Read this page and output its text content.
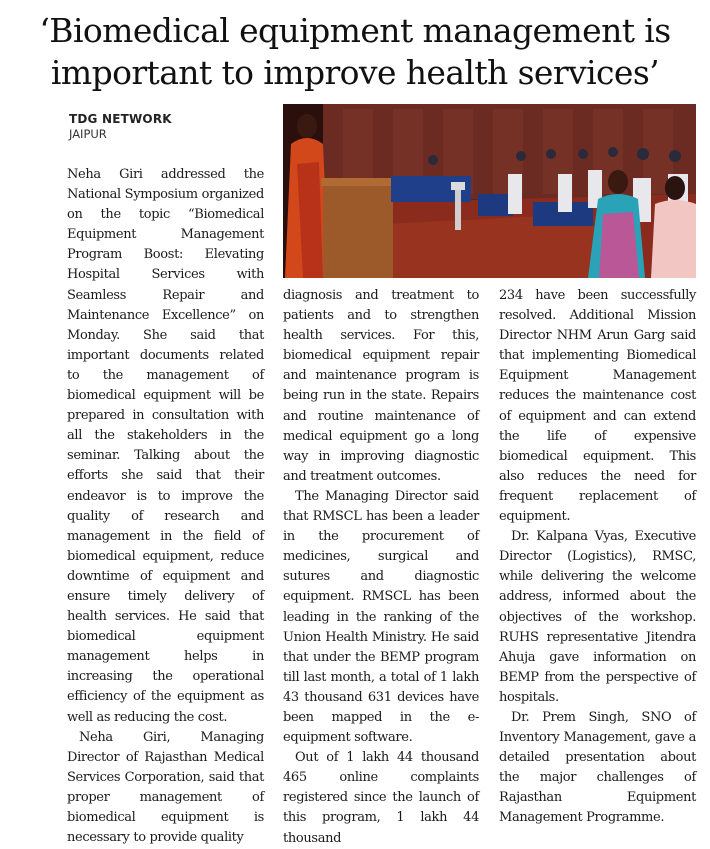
‘Biomedical equipment management is
important to improve health services’
TDG NETWORK
JAIPUR

Neha Giri addressed the National Symposium organized on the topic “Biomedical Equipment Management Program Boost: Elevating Hospital Services with Seamless Repair and Maintenance Excellence” on Monday. She said that important documents related to the management of biomedical equipment will be prepared in consultation with all the stakeholders in the seminar. Talking about the efforts she said that their endeavor is to improve the quality of research and management in the field of biomedical equipment, reduce downtime of equipment and ensure timely delivery of health services. He said that biomedical equipment management helps in increasing the operational efficiency of the equipment as well as reducing the cost.

Neha Giri, Managing Director of Rajasthan Medical Services Corporation, said that proper management of biomedical equipment is necessary to provide quality

diagnosis and treatment to patients and to strengthen health services. For this, biomedical equipment repair and maintenance program is being run in the state. Repairs and routine maintenance of medical equipment go a long way in improving diagnostic and treatment outcomes.

The Managing Director said that RMSCL has been a leader in the procurement of medicines, surgical and sutures and diagnostic equipment. RMSCL has been leading in the ranking of the Union Health Ministry. He said that under the BEMP program till last month, a total of 1 lakh 43 thousand 631 devices have been mapped in the e-equipment software.

Out of 1 lakh 44 thousand 465 online complaints registered since the launch of this program, 1 lakh 44 thousand

234 have been successfully resolved. Additional Mission Director NHM Arun Garg said that implementing Biomedical Equipment Management reduces the maintenance cost of equipment and can extend the life of expensive biomedical equipment. This also reduces the need for frequent replacement of equipment.

Dr. Kalpana Vyas, Executive Director (Logistics), RMSC, while delivering the welcome address, informed about the objectives of the workshop. RUHS representative Jitendra Ahuja gave information on BEMP from the perspective of hospitals.

Dr. Prem Singh, SNO of Inventory Management, gave a detailed presentation about the major challenges of Rajasthan Equipment Management Programme.
